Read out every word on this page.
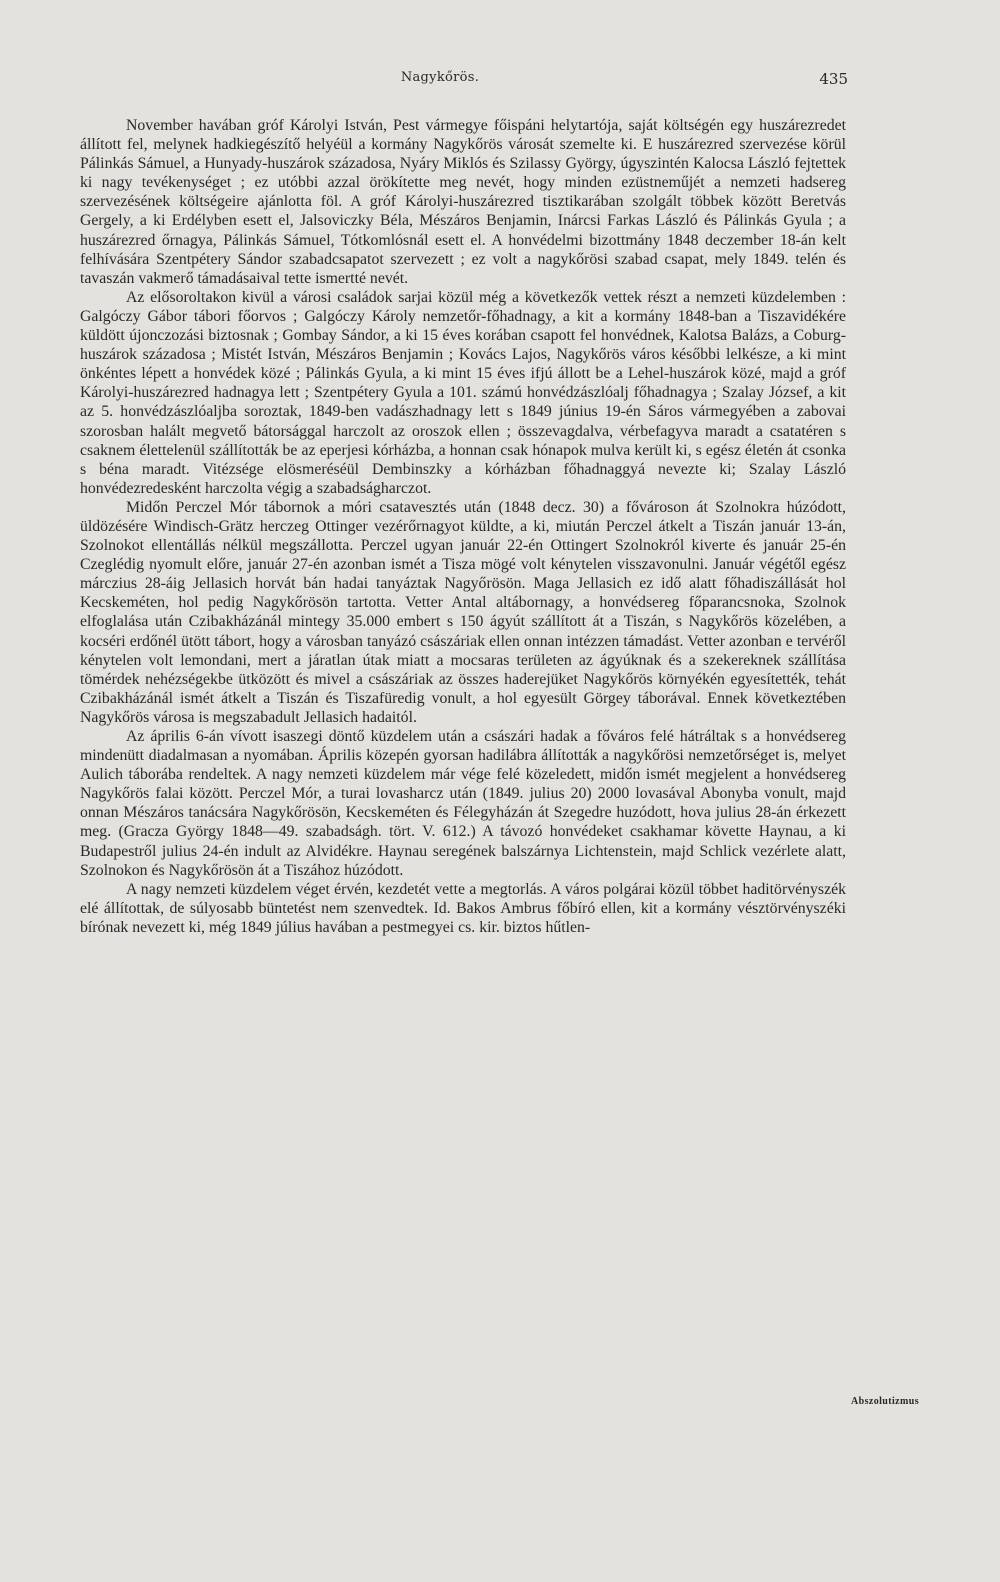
Nagykőrös.	435

November havában gróf Károlyi István, Pest vármegye főispáni helytartója, saját költségén egy huszárezredet állított fel, melynek hadkiegészítő helyéül a kormány Nagykőrös városát szemelte ki. E huszárezred szervezése körül Pálinkás Sámuel, a Hunyady-huszárok századosa, Nyáry Miklós és Szilassy György, úgyszintén Kalocsa László fejtettek ki nagy tevékenységet ; ez utóbbi azzal örökítette meg nevét, hogy minden ezüstneműjét a nemzeti hadsereg szervezésének költségeire ajánlotta föl. A gróf Károlyi-huszárezred tisztikarában szolgált többek között Beretvás Gergely, a ki Erdélyben esett el, Jalsoviczky Béla, Mészáros Benjamin, Inárcsi Farkas László és Pálinkás Gyula ; a huszárezred őrnagya, Pálinkás Sámuel, Tótkomlósnál esett el. A honvédelmi bizottmány 1848 deczember 18-án kelt felhívására Szentpétery Sándor szabadcsapatot szervezett ; ez volt a nagykőrösi szabad csapat, mely 1849. telén és tavaszán vakmerő támadásaival tette ismertté nevét.

Az elősoroltakon kivül a városi családok sarjai közül még a következők vettek részt a nemzeti küzdelemben : Galgóczy Gábor tábori főorvos ; Galgóczy Károly nemzetőr-főhadnagy, a kit a kormány 1848-ban a Tiszavidékére küldött újonczozási biztosnak ; Gombay Sándor, a ki 15 éves korában csapott fel honvédnek, Kalotsa Balázs, a Coburg-huszárok századosa ; Mistét István, Mészáros Benjamin ; Kovács Lajos, Nagykőrös város későbbi lelkésze, a ki mint önkéntes lépett a honvédek közé ; Pálinkás Gyula, a ki mint 15 éves ifjú állott be a Lehel-huszárok közé, majd a gróf Károlyi-huszárezred hadnagya lett ; Szentpétery Gyula a 101. számú honvédzászlóalj főhadnagya ; Szalay József, a kit az 5. honvédzászlóaljba soroztak, 1849-ben vadászhadnagy lett s 1849 június 19-én Sáros vármegyében a zabovai szorosban halált megvető bátorsággal harczolt az oroszok ellen ; összevagdalva, vérbefagyva maradt a csatatéren s csaknem élettelenül szállították be az eperjesi kórházba, a honnan csak hónapok mulva került ki, s egész életén át csonka s béna maradt. Vitézsége elösmeréséül Dembinszky a kórházban főhadnaggyá nevezte ki; Szalay László honvédezredesként harczolta végig a szabadságharczot.

Midőn Perczel Mór tábornok a móri csatavesztés után (1848 decz. 30) a fővároson át Szolnokra húzódott, üldözésére Windisch-Grätz herczeg Ottinger vezérőrnagyot küldte, a ki, miután Perczel átkelt a Tiszán január 13-án, Szolnokot ellentállás nélkül megszállotta. Perczel ugyan január 22-én Ottingert Szolnokról kiverte és január 25-én Czeglédig nyomult előre, január 27-én azonban ismét a Tisza mögé volt kénytelen visszavonulni. Január végétől egész márczius 28-áig Jellasich horvát bán hadai tanyáztak Nagyőrösön. Maga Jellasich ez idő alatt főhadiszállását hol Kecskeméten, hol pedig Nagykőrösön tartotta. Vetter Antal altábornagy, a honvédsereg főparancsnoka, Szolnok elfoglalása után Czibakházánál mintegy 35.000 embert s 150 ágyút szállított át a Tiszán, s Nagykőrös közelében, a kocséri erdőnél ütött tábort, hogy a városban tanyázó császáriak ellen onnan intézzen támadást. Vetter azonban e tervéről kénytelen volt lemondani, mert a járatlan útak miatt a mocsaras területen az ágyúknak és a szekereknek szállítása tömérdek nehézségekbe ütközött és mivel a császáriak az összes haderejüket Nagykőrös környékén egyesítették, tehát Czibakházánál ismét átkelt a Tiszán és Tiszafüredig vonult, a hol egyesült Görgey táborával. Ennek következtében Nagykőrös városa is megszabadult Jellasich hadaitól.

Az április 6-án vívott isaszegi döntő küzdelem után a császári hadak a főváros felé hátráltak s a honvédsereg mindenütt diadalmasan a nyomában. Április közepén gyorsan hadilábra állították a nagykőrösi nemzetőrséget is, melyet Aulich táborába rendeltek. A nagy nemzeti küzdelem már vége felé közeledett, midőn ismét megjelent a honvédsereg Nagykőrös falai között. Perczel Mór, a turai lovasharcz után (1849. julius 20) 2000 lovasával Abonyba vonult, majd onnan Mészáros tanácsára Nagykőrösön, Kecskeméten és Félegyházán át Szegedre huzódott, hova julius 28-án érkezett meg. (Gracza György 1848—49. szabadságh. tört. V. 612.) A távozó honvédeket csakhamar követte Haynau, a ki Budapestről julius 24-én indult az Alvidékre. Haynau seregének balszárnya Lichtenstein, majd Schlick vezérlete alatt, Szolnokon és Nagykőrösön át a Tiszához húzódott.

A nagy nemzeti küzdelem véget érvén, kezdetét vette a megtorlás. A város polgárai közül többet haditörvényszék elé állítottak, de súlyosabb büntetést nem szenvedtek. Id. Bakos Ambrus főbíró ellen, kit a kormány vésztörvényszéki bírónak nevezett ki, még 1849 július havában a pestmegyei cs. kir. biztos hűtlen-

Abszolutizmus
